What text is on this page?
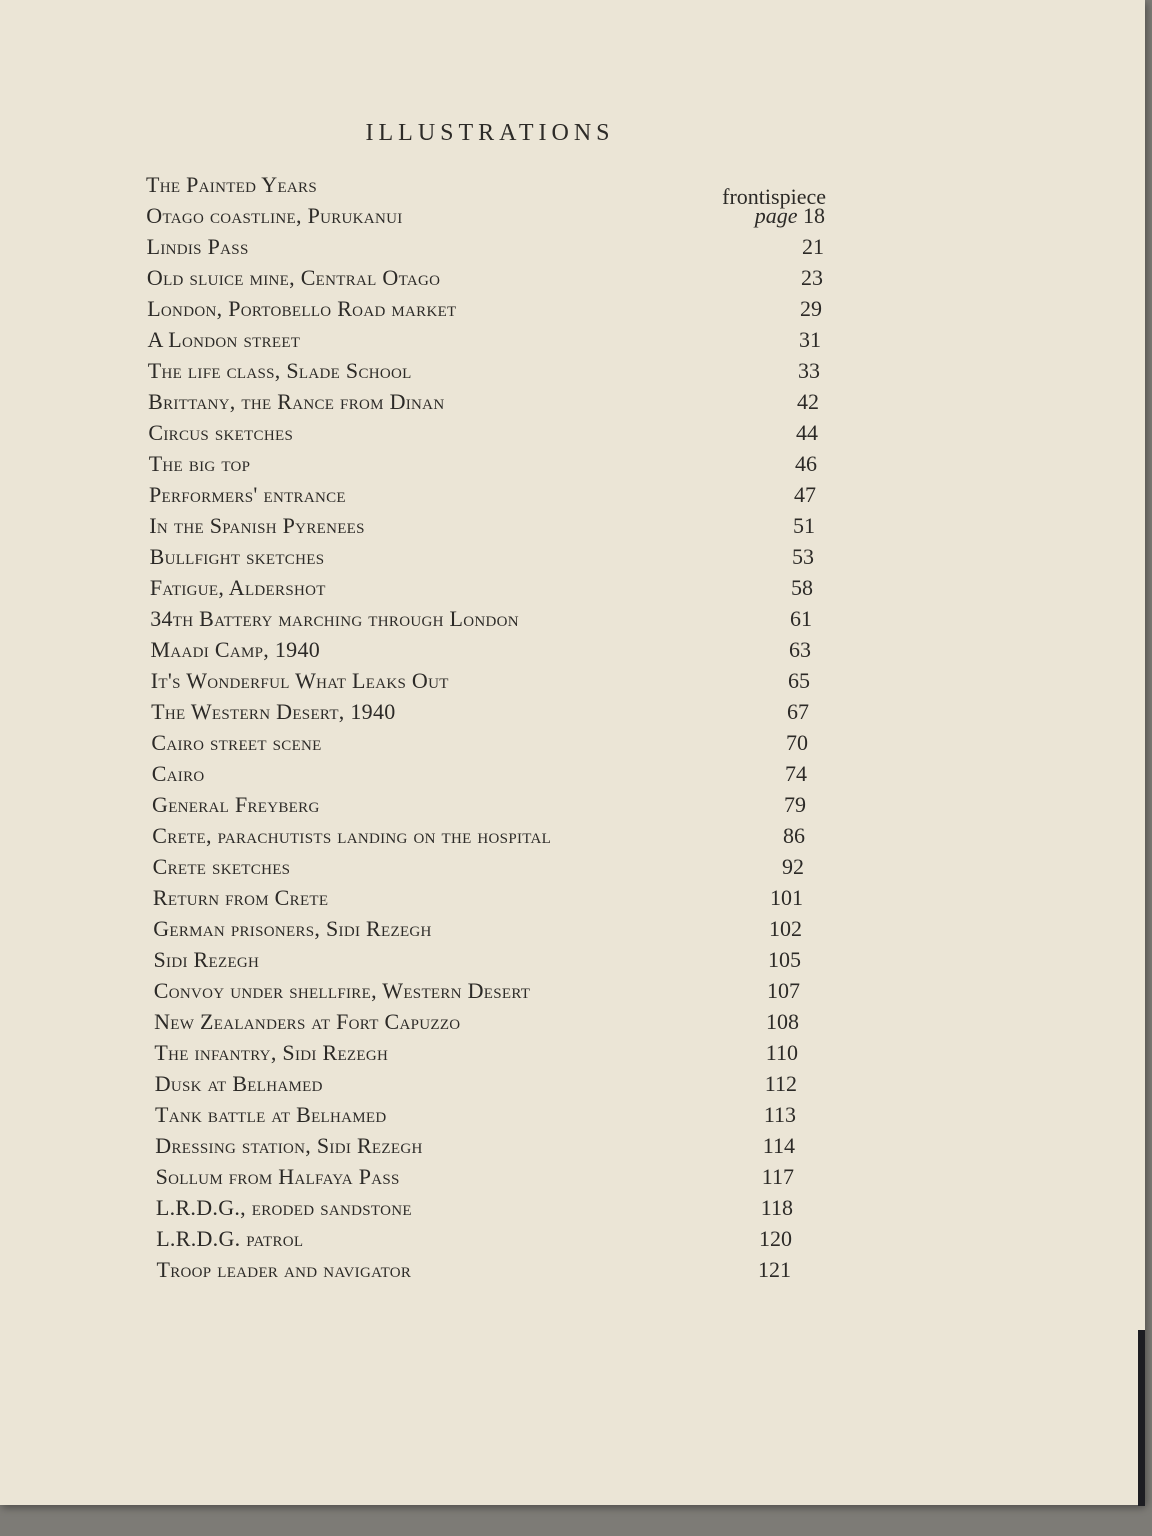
ILLUSTRATIONS
The Painted Years	frontispiece
Otago coastline, Purukanui	page 18
Lindis Pass	21
Old sluice mine, Central Otago	23
London, Portobello Road market	29
A London street	31
The life class, Slade School	33
Brittany, the Rance from Dinan	42
Circus sketches	44
The big top	46
Performers' entrance	47
In the Spanish Pyrenees	51
Bullfight sketches	53
Fatigue, Aldershot	58
34th Battery marching through London	61
Maadi Camp, 1940	63
It's Wonderful What Leaks Out	65
The Western Desert, 1940	67
Cairo street scene	70
Cairo	74
General Freyberg	79
Crete, parachutists landing on the hospital	86
Crete sketches	92
Return from Crete	101
German prisoners, Sidi Rezegh	102
Sidi Rezegh	105
Convoy under shellfire, Western Desert	107
New Zealanders at Fort Capuzzo	108
The infantry, Sidi Rezegh	110
Dusk at Belhamed	112
Tank battle at Belhamed	113
Dressing station, Sidi Rezegh	114
Sollum from Halfaya Pass	117
L.R.D.G., eroded sandstone	118
L.R.D.G. patrol	120
Troop leader and navigator	121
